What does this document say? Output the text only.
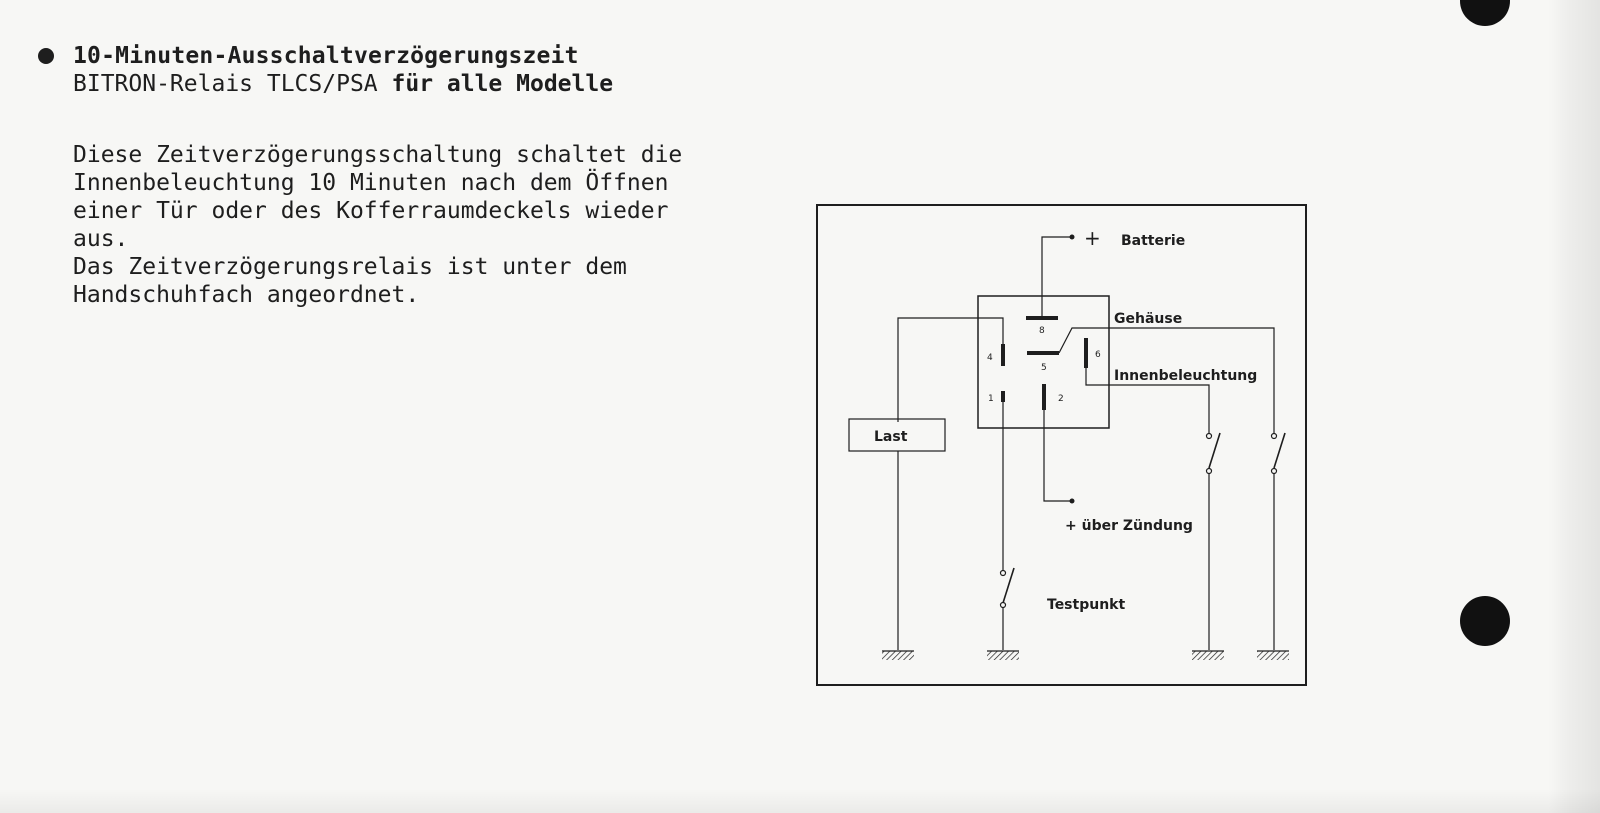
10-Minuten-Ausschaltverzögerungszeit
BITRON-Relais TLCS/PSA für alle Modelle

Diese Zeitverzögerungsschaltung schaltet die

Innenbeleuchtung 10 Minuten nach dem Öffnen

einer Tür oder des Kofferraumdeckels wieder

aus.

Das Zeitverzögerungsrelais ist unter dem

Handschuhfach angeordnet.

+ Batterie
8
4
5
6
1	2
Last
Testpunkt
+ über Zündung
Gehäuse
Innenbeleuchtung
